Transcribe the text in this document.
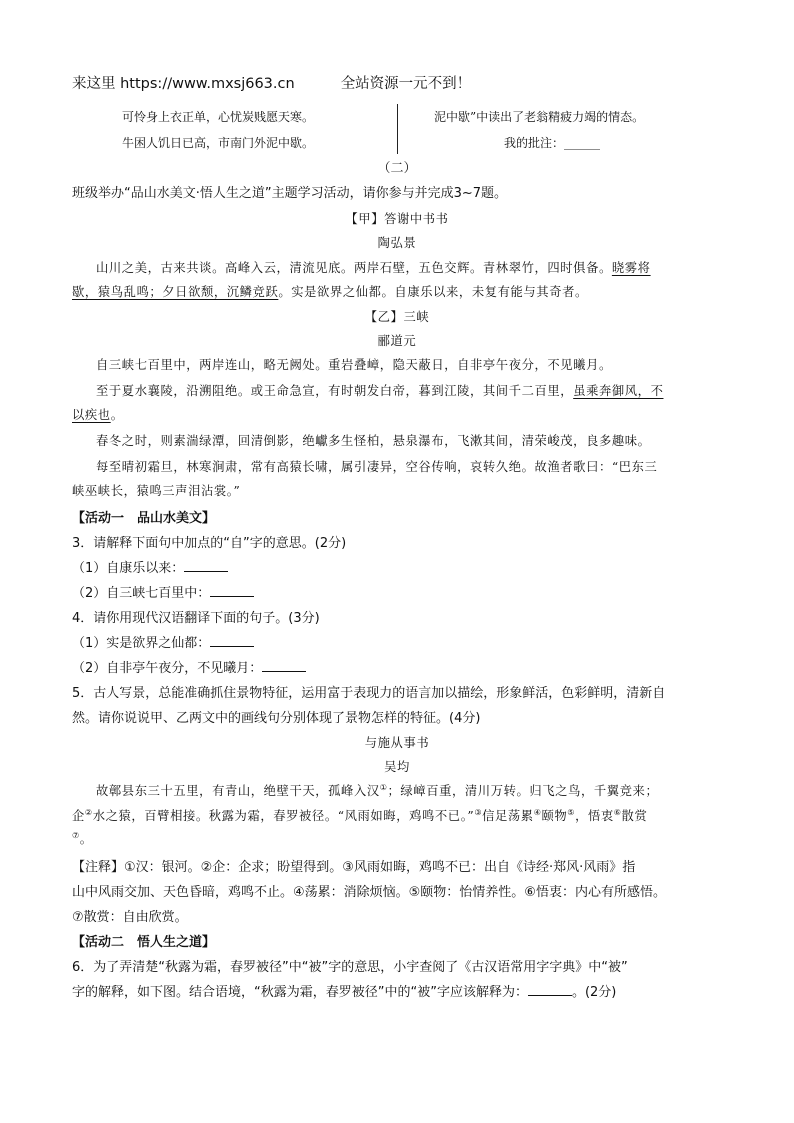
来这里 https://www.mxsj663.cn	全站资源一元不到！
可怜身上衣正单，心忧炭贱愿天寒。
牛困人饥日已高，市南门外泥中歇。
泥中歇”中读出了老翁精疲力竭的情态。
我的批注：______
（二）
班级举办“品山水美文·悟人生之道”主题学习活动，请你参与并完成3~7题。
【甲】答谢中书书
陶弘景
山川之美，古来共谈。高峰入云，清流见底。两岸石壁，五色交辉。青林翠竹，四时俱备。晓雾将
歇，猿鸟乱鸣；夕日欲颓，沉鳞竞跃。实是欲界之仙都。自康乐以来，未复有能与其奇者。
【乙】三峡
郦道元
自三峡七百里中，两岸连山，略无阙处。重岩叠嶂，隐天蔽日，自非亭午夜分，不见曦月。
至于夏水襄陵，沿溯阻绝。或王命急宣，有时朝发白帝，暮到江陵，其间千二百里，虽乘奔御风，不
以疾也。
春冬之时，则素湍绿潭，回清倒影，绝巘多生怪柏，悬泉瀑布，飞漱其间，清荣峻茂，良多趣味。
每至晴初霜旦，林寒涧肃，常有高猿长啸，属引凄异，空谷传响，哀转久绝。故渔者歌曰：“巴东三
峡巫峡长，猿鸣三声泪沾裳。”
【活动一　品山水美文】
3．请解释下面句中加点的“自”字的意思。(2分)
（1）自康乐以来：
（2）自三峡七百里中：
4．请你用现代汉语翻译下面的句子。(3分)
（1）实是欲界之仙都：
（2）自非亭午夜分，不见曦月：
5．古人写景，总能准确抓住景物特征，运用富于表现力的语言加以描绘，形象鲜活，色彩鲜明，清新自
然。请你说说甲、乙两文中的画线句分别体现了景物怎样的特征。(4分)
与施从事书
吴均
故鄣县东三十五里，有青山，绝壁干天，孤峰入汉①；绿嶂百重，清川万转。归飞之鸟，千翼竞来；
企②水之猿，百臂相接。秋露为霜，春罗被径。“风雨如晦，鸡鸣不已。”③信足荡累④颐物⑤，悟衷⑥散赏
⑦。
【注释】①汉：银河。②企：企求；盼望得到。③风雨如晦，鸡鸣不已：出自《诗经·郑风·风雨》指
山中风雨交加、天色昏暗，鸡鸣不止。④荡累：消除烦恼。⑤颐物：怡情养性。⑥悟衷：内心有所感悟。
⑦散赏：自由欣赏。
【活动二　悟人生之道】
6．为了弄清楚“秋露为霜，春罗被径”中“被”字的意思，小宇查阅了《古汉语常用字字典》中“被”
字的解释，如下图。结合语境，“秋露为霜，春罗被径”中的“被”字应该解释为：	。(2分)
